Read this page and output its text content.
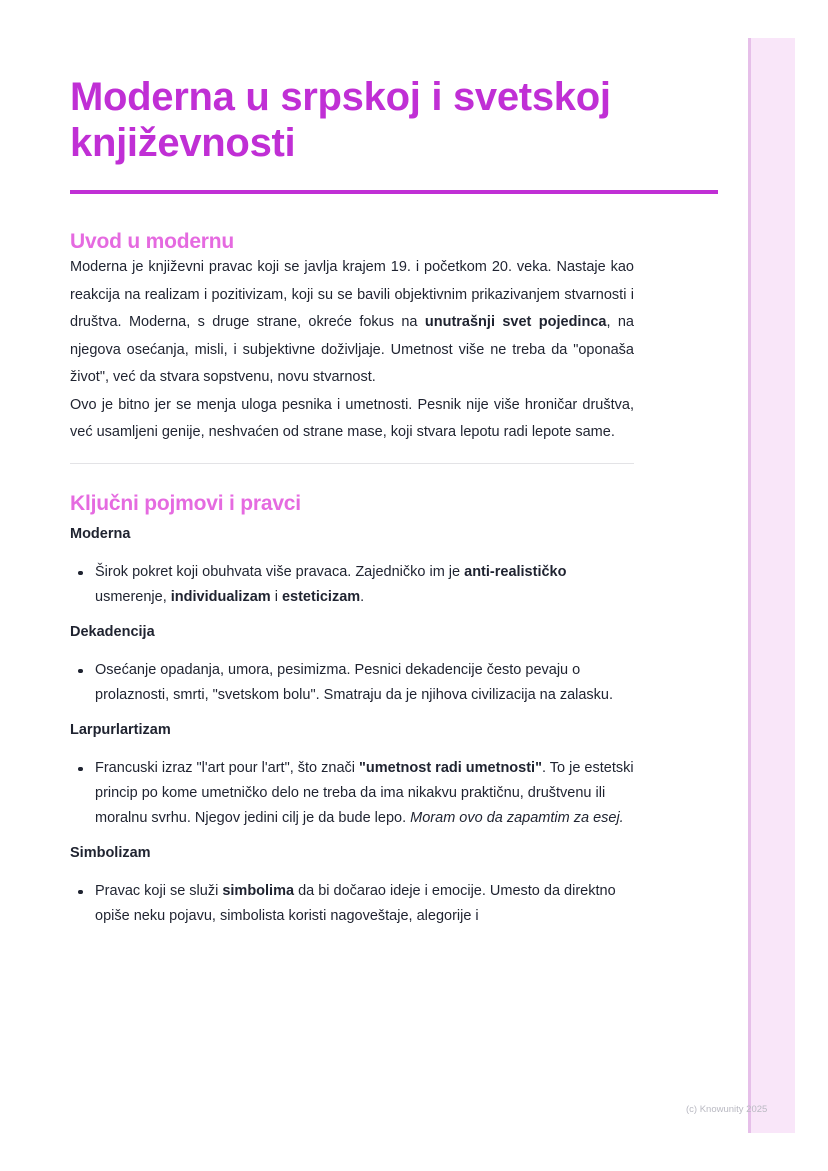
(c) Knowunity 2025
Moderna u srpskoj i svetskoj književnosti
Uvod u modernu

Moderna je književni pravac koji se javlja krajem 19. i početkom 20. veka. Nastaje kao reakcija na realizam i pozitivizam, koji su se bavili objektivnim prikazivanjem stvarnosti i društva. Moderna, s druge strane, okreće fokus na unutrašnji svet pojedinca, na njegova osećanja, misli, i subjektivne doživljaje. Umetnost više ne treba da "oponaša život", već da stvara sopstvenu, novu stvarnost.

Ovo je bitno jer se menja uloga pesnika i umetnosti. Pesnik nije više hroničar društva, već usamljeni genije, neshvaćen od strane mase, koji stvara lepotu radi lepote same.

Ključni pojmovi i pravci
Moderna
Širok pokret koji obuhvata više pravaca. Zajedničko im je anti-realističko usmerenje, individualizam i esteticizam.
Dekadencija
Osećanje opadanja, umora, pesimizma. Pesnici dekadencije često pevaju o prolaznosti, smrti, "svetskom bolu". Smatraju da je njihova civilizacija na zalasku.
Larpurlartizam
Francuski izraz "l'art pour l'art", što znači "umetnost radi umetnosti". To je estetski princip po kome umetničko delo ne treba da ima nikakvu praktičnu, društvenu ili moralnu svrhu. Njegov jedini cilj je da bude lepo. Moram ovo da zapamtim za esej.
Simbolizam
Pravac koji se služi simbolima da bi dočarao ideje i emocije. Umesto da direktno opiše neku pojavu, simbolista koristi nagoveštaje, alegorije i
